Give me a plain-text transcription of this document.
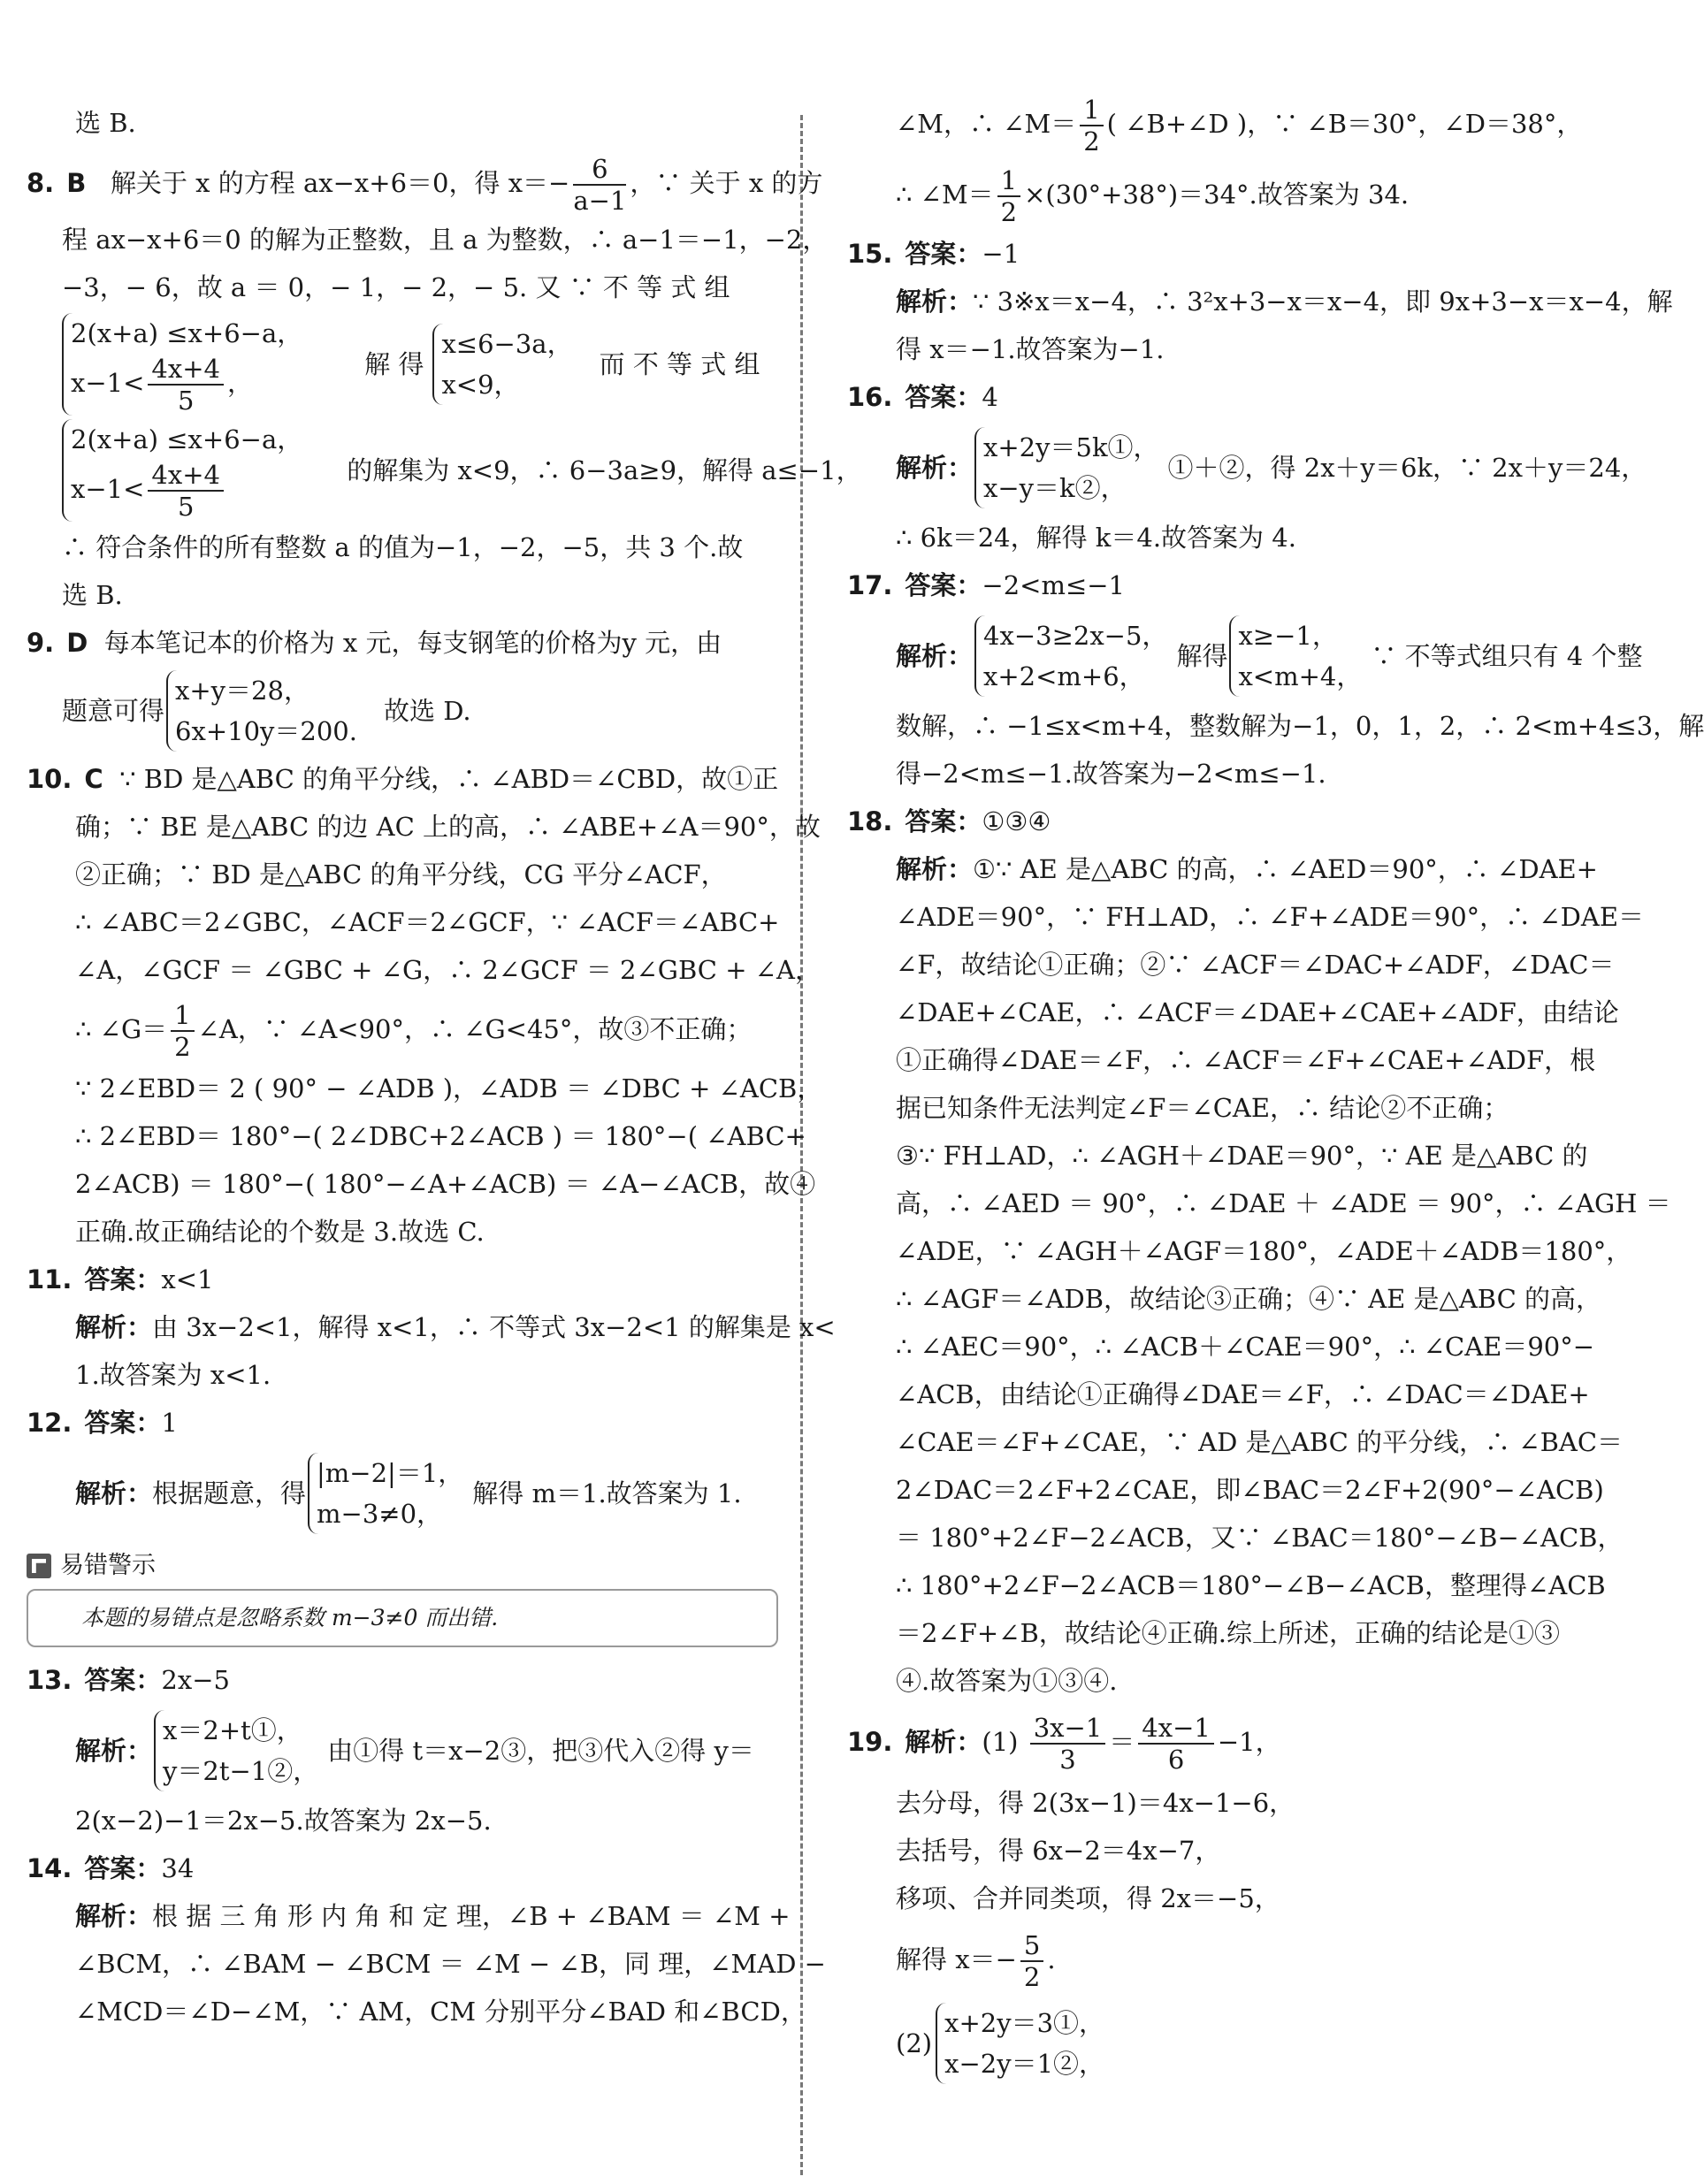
选 B.
8. B 解关于 x 的方程 ax−x+6＝0，得 $x=- \frac{6}{a-1}$ ，∵ 关于 x 的方
程 ax−x+6＝0 的解为正整数，且 a 为整数，∴ a−1＝−1，−2，
−3，− 6，故 a ＝ 0，− 1，− 2，− 5. 又 ∵ 不 等 式 组
2(x+a) ≤x+6−a，
$x-1< \frac{4x+4}{5}$ ，
解 得
x≤6−3a，
x<9，
而 不 等 式 组
2(x+a) ≤x+6−a，
$x-1< \frac{4x+4}{5}$	的解集为 x<9，∴ 6−3a≥9，解得 a≤−1，
∴ 符合条件的所有整数 a 的值为−1，−2，−5，共 3 个.故
选 B.
9. D 每本笔记本的价格为 x 元，每支钢笔的价格为y 元，由
题意可得
x+y＝28，
6x+10y＝200.
故选 D.
10. C ∵ BD 是△ABC 的角平分线，∴ ∠ABD＝∠CBD，故①正
确；∵ BE 是△ABC 的边 AC 上的高，∴ ∠ABE+∠A＝90°，故
②正确；∵ BD 是△ABC 的角平分线，CG 平分∠ACF，
∴ ∠ABC＝2∠GBC，∠ACF＝2∠GCF，∵ ∠ACF＝∠ABC+
∠A，∠GCF ＝ ∠GBC + ∠G，∴ 2∠GCF ＝ 2∠GBC + ∠A，
∴ ∠G＝ $\frac{1}{2}$ ∠A，∵ ∠A<90°，∴ ∠G<45°，故③不正确；
∵ 2∠EBD＝ 2 ( 90° − ∠ADB )，∠ADB ＝ ∠DBC + ∠ACB，
∴ 2∠EBD＝ 180°−( 2∠DBC+2∠ACB ) ＝ 180°−( ∠ABC+
2∠ACB) ＝ 180°−( 180°−∠A+∠ACB) ＝ ∠A−∠ACB，故④
正确.故正确结论的个数是 3.故选 C.
11. 答案：x<1
解析：由 3x−2<1，解得 x<1，∴ 不等式 3x−2<1 的解集是 x<
1.故答案为 x<1.
12. 答案：1
解析： 根据题意，得
|m−2|＝1，
m−3≠0，
解得 m＝1.故答案为 1.
易错警示
本题的易错点是忽略系数 m−3≠0 而出错.
13. 答案：2x−5
解析：
x＝2+t①，
y＝2t−1②，
由①得 t＝x−2③，把③代入②得 y＝
2(x−2)−1＝2x−5.故答案为 2x−5.
14. 答案：34
解析：根 据 三 角 形 内 角 和 定 理，∠B + ∠BAM ＝ ∠M +
∠BCM，∴ ∠BAM − ∠BCM ＝ ∠M − ∠B，同 理，∠MAD −
∠MCD＝∠D−∠M，∵ AM，CM 分别平分∠BAD 和∠BCD，
∠M，∴ ∠M＝ $\frac{1}{2}$ ( ∠B+∠D )，∵ ∠B＝30°，∠D＝38°，
∴ ∠M＝ $\frac{1}{2} \times(30^\circ+38^\circ)=34^\circ$.故答案为 34.
15. 答案：−1
解析：∵ 3※x＝x−4，∴ 3²x+3−x＝x−4，即 9x+3−x＝x−4，解
得 x＝−1.故答案为−1.
16. 答案：4
解析：
x+2y＝5k①，
x−y＝k②，
①＋②，得 2x＋y＝6k，∵ 2x＋y＝24，
∴ 6k＝24，解得 k＝4.故答案为 4.
17. 答案：−2<m≤−1
解析：
4x−3≥2x−5，
x+2<m+6，
解得
x≥−1，
x<m+4，
∵ 不等式组只有 4 个整
数解，∴ −1≤x<m+4，整数解为−1，0，1，2，∴ 2<m+4≤3，解
得−2<m≤−1.故答案为−2<m≤−1.
18. 答案：①③④
解析：①∵ AE 是△ABC 的高，∴ ∠AED＝90°，∴ ∠DAE+
∠ADE＝90°，∵ FH⊥AD，∴ ∠F+∠ADE＝90°，∴ ∠DAE＝
∠F，故结论①正确；②∵ ∠ACF＝∠DAC+∠ADF，∠DAC＝
∠DAE+∠CAE，∴ ∠ACF＝∠DAE+∠CAE+∠ADF，由结论
①正确得∠DAE＝∠F，∴ ∠ACF＝∠F+∠CAE+∠ADF，根
据已知条件无法判定∠F＝∠CAE，∴ 结论②不正确；
③∵ FH⊥AD，∴ ∠AGH＋∠DAE＝90°，∵ AE 是△ABC 的
高，∴ ∠AED ＝ 90°，∴ ∠DAE ＋ ∠ADE ＝ 90°，∴ ∠AGH ＝
∠ADE，∵ ∠AGH＋∠AGF＝180°，∠ADE＋∠ADB＝180°，
∴ ∠AGF＝∠ADB，故结论③正确；④∵ AE 是△ABC 的高，
∴ ∠AEC＝90°，∴ ∠ACB＋∠CAE＝90°，∴ ∠CAE＝90°−
∠ACB，由结论①正确得∠DAE＝∠F，∴ ∠DAC＝∠DAE+
∠CAE＝∠F+∠CAE，∵ AD 是△ABC 的平分线，∴ ∠BAC＝
2∠DAC＝2∠F+2∠CAE，即∠BAC＝2∠F+2(90°−∠ACB)
＝ 180°+2∠F−2∠ACB，又∵ ∠BAC＝180°−∠B−∠ACB，
∴ 180°+2∠F−2∠ACB＝180°−∠B−∠ACB，整理得∠ACB
＝2∠F+∠B，故结论④正确.综上所述，正确的结论是①③
④.故答案为①③④.
19. 解析：$(1) \frac{3x-1}{3} = \frac{4x-1}{6} -1$，
去分母，得 2(3x−1)＝4x−1−6，
去括号，得 6x−2＝4x−7，
移项、合并同类项，得 2x＝−5，
解得 $x=- \frac{5}{2}$ .
(2)
x+2y＝3①，
x−2y＝1②，
